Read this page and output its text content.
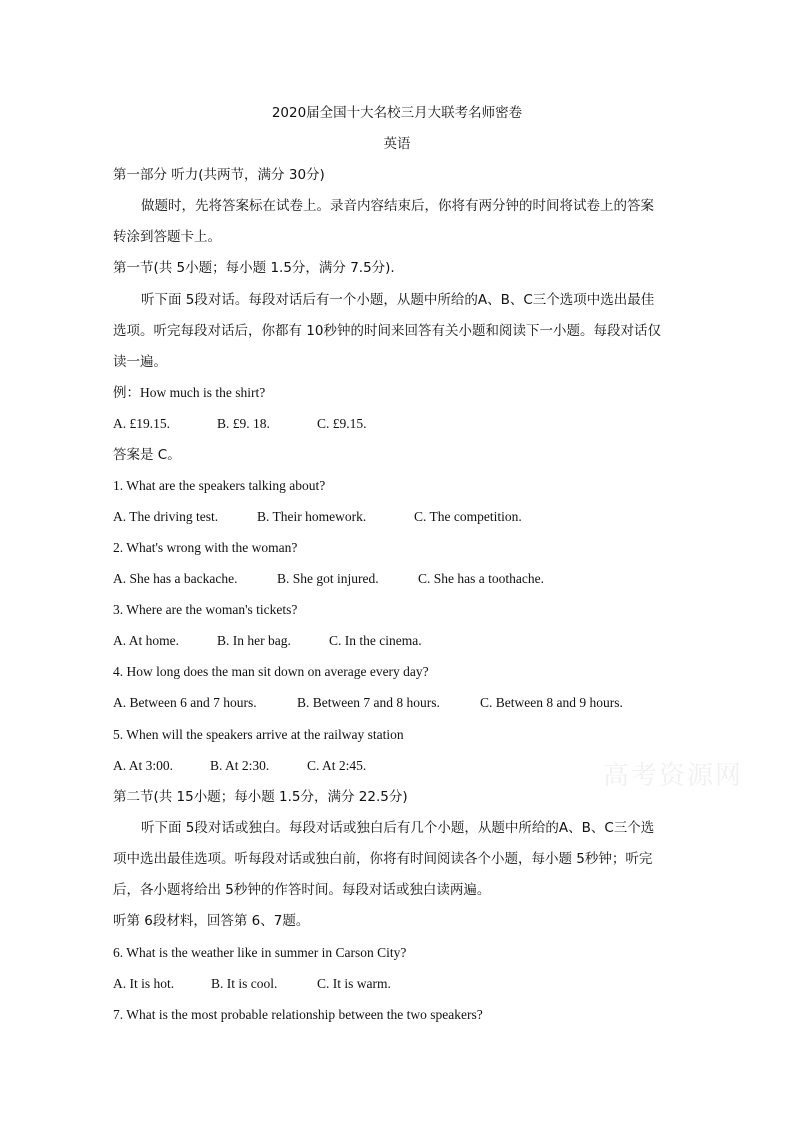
2020届全国十大名校三月大联考名师密卷
英语
第一部分 听力(共两节，满分 30分)
做题时，先将答案标在试卷上。录音内容结束后，你将有两分钟的时间将试卷上的答案
转涂到答题卡上。
第一节(共 5小题；每小题 1.5分，满分 7.5分).
听下面 5段对话。每段对话后有一个小题，从题中所给的A、B、C三个选项中选出最佳
选项。听完每段对话后，你都有 10秒钟的时间来回答有关小题和阅读下一小题。每段对话仅
读一遍。
例：How much is the shirt?
A. £19.15.	B. £9. 18.	C. £9.15.
答案是 C。
1. What are the speakers talking about?
A. The driving test.	B. Their homework.	C. The competition.
2. What's wrong with the woman?
A. She has a backache.	B. She got injured.	C. She has a toothache.
3. Where are the woman's tickets?
A. At home.	B. In her bag.	C. In the cinema.
4. How long does the man sit down on average every day?
A. Between 6 and 7 hours.	B. Between 7 and 8 hours.	C. Between 8 and 9 hours.
5. When will the speakers arrive at the railway station
A. At 3:00.	B. At 2:30.	C. At 2:45.	高考资源网
第二节(共 15小题；每小题 1.5分，满分 22.5分)
听下面 5段对话或独白。每段对话或独白后有几个小题，从题中所给的A、B、C三个选
项中选出最佳选项。听每段对话或独白前，你将有时间阅读各个小题，每小题 5秒钟；听完
后，各小题将给出 5秒钟的作答时间。每段对话或独白读两遍。
听第 6段材料，回答第 6、7题。
6. What is the weather like in summer in Carson City?
A. It is hot.	B. It is cool.	C. It is warm.
7. What is the most probable relationship between the two speakers?
